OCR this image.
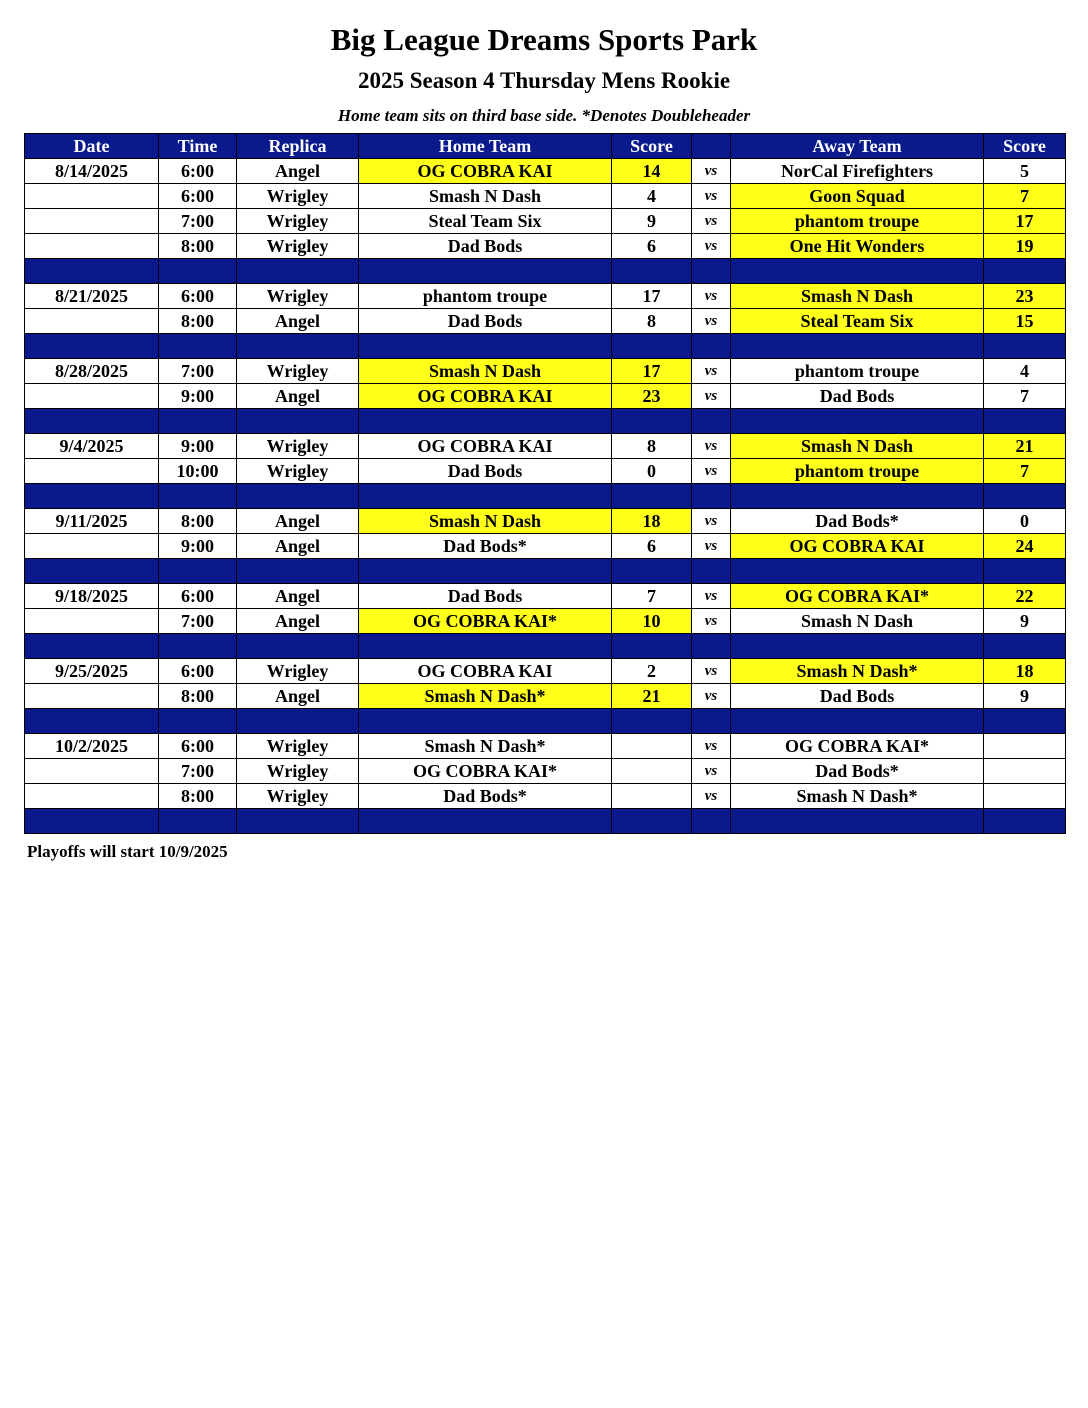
Big League Dreams Sports Park
2025 Season 4 Thursday Mens Rookie
Home team sits on third base side. *Denotes Doubleheader
Date	Time	Replica	Home Team	Score		Away Team	Score
8/14/2025	6:00	Angel	OG COBRA KAI	14	vs	NorCal Firefighters	5
	6:00	Wrigley	Smash N Dash	4	vs	Goon Squad	7
	7:00	Wrigley	Steal Team Six	9	vs	phantom troupe	17
	8:00	Wrigley	Dad Bods	6	vs	One Hit Wonders	19

8/21/2025	6:00	Wrigley	phantom troupe	17	vs	Smash N Dash	23
	8:00	Angel	Dad Bods	8	vs	Steal Team Six	15

8/28/2025	7:00	Wrigley	Smash N Dash	17	vs	phantom troupe	4
	9:00	Angel	OG COBRA KAI	23	vs	Dad Bods	7

9/4/2025	9:00	Wrigley	OG COBRA KAI	8	vs	Smash N Dash	21
	10:00	Wrigley	Dad Bods	0	vs	phantom troupe	7

9/11/2025	8:00	Angel	Smash N Dash	18	vs	Dad Bods*	0
	9:00	Angel	Dad Bods*	6	vs	OG COBRA KAI	24

9/18/2025	6:00	Angel	Dad Bods	7	vs	OG COBRA KAI*	22
	7:00	Angel	OG COBRA KAI*	10	vs	Smash N Dash	9

9/25/2025	6:00	Wrigley	OG COBRA KAI	2	vs	Smash N Dash*	18
	8:00	Angel	Smash N Dash*	21	vs	Dad Bods	9

10/2/2025	6:00	Wrigley	Smash N Dash*		vs	OG COBRA KAI*	
	7:00	Wrigley	OG COBRA KAI*		vs	Dad Bods*	
	8:00	Wrigley	Dad Bods*		vs	Smash N Dash*	

Playoffs will start 10/9/2025
